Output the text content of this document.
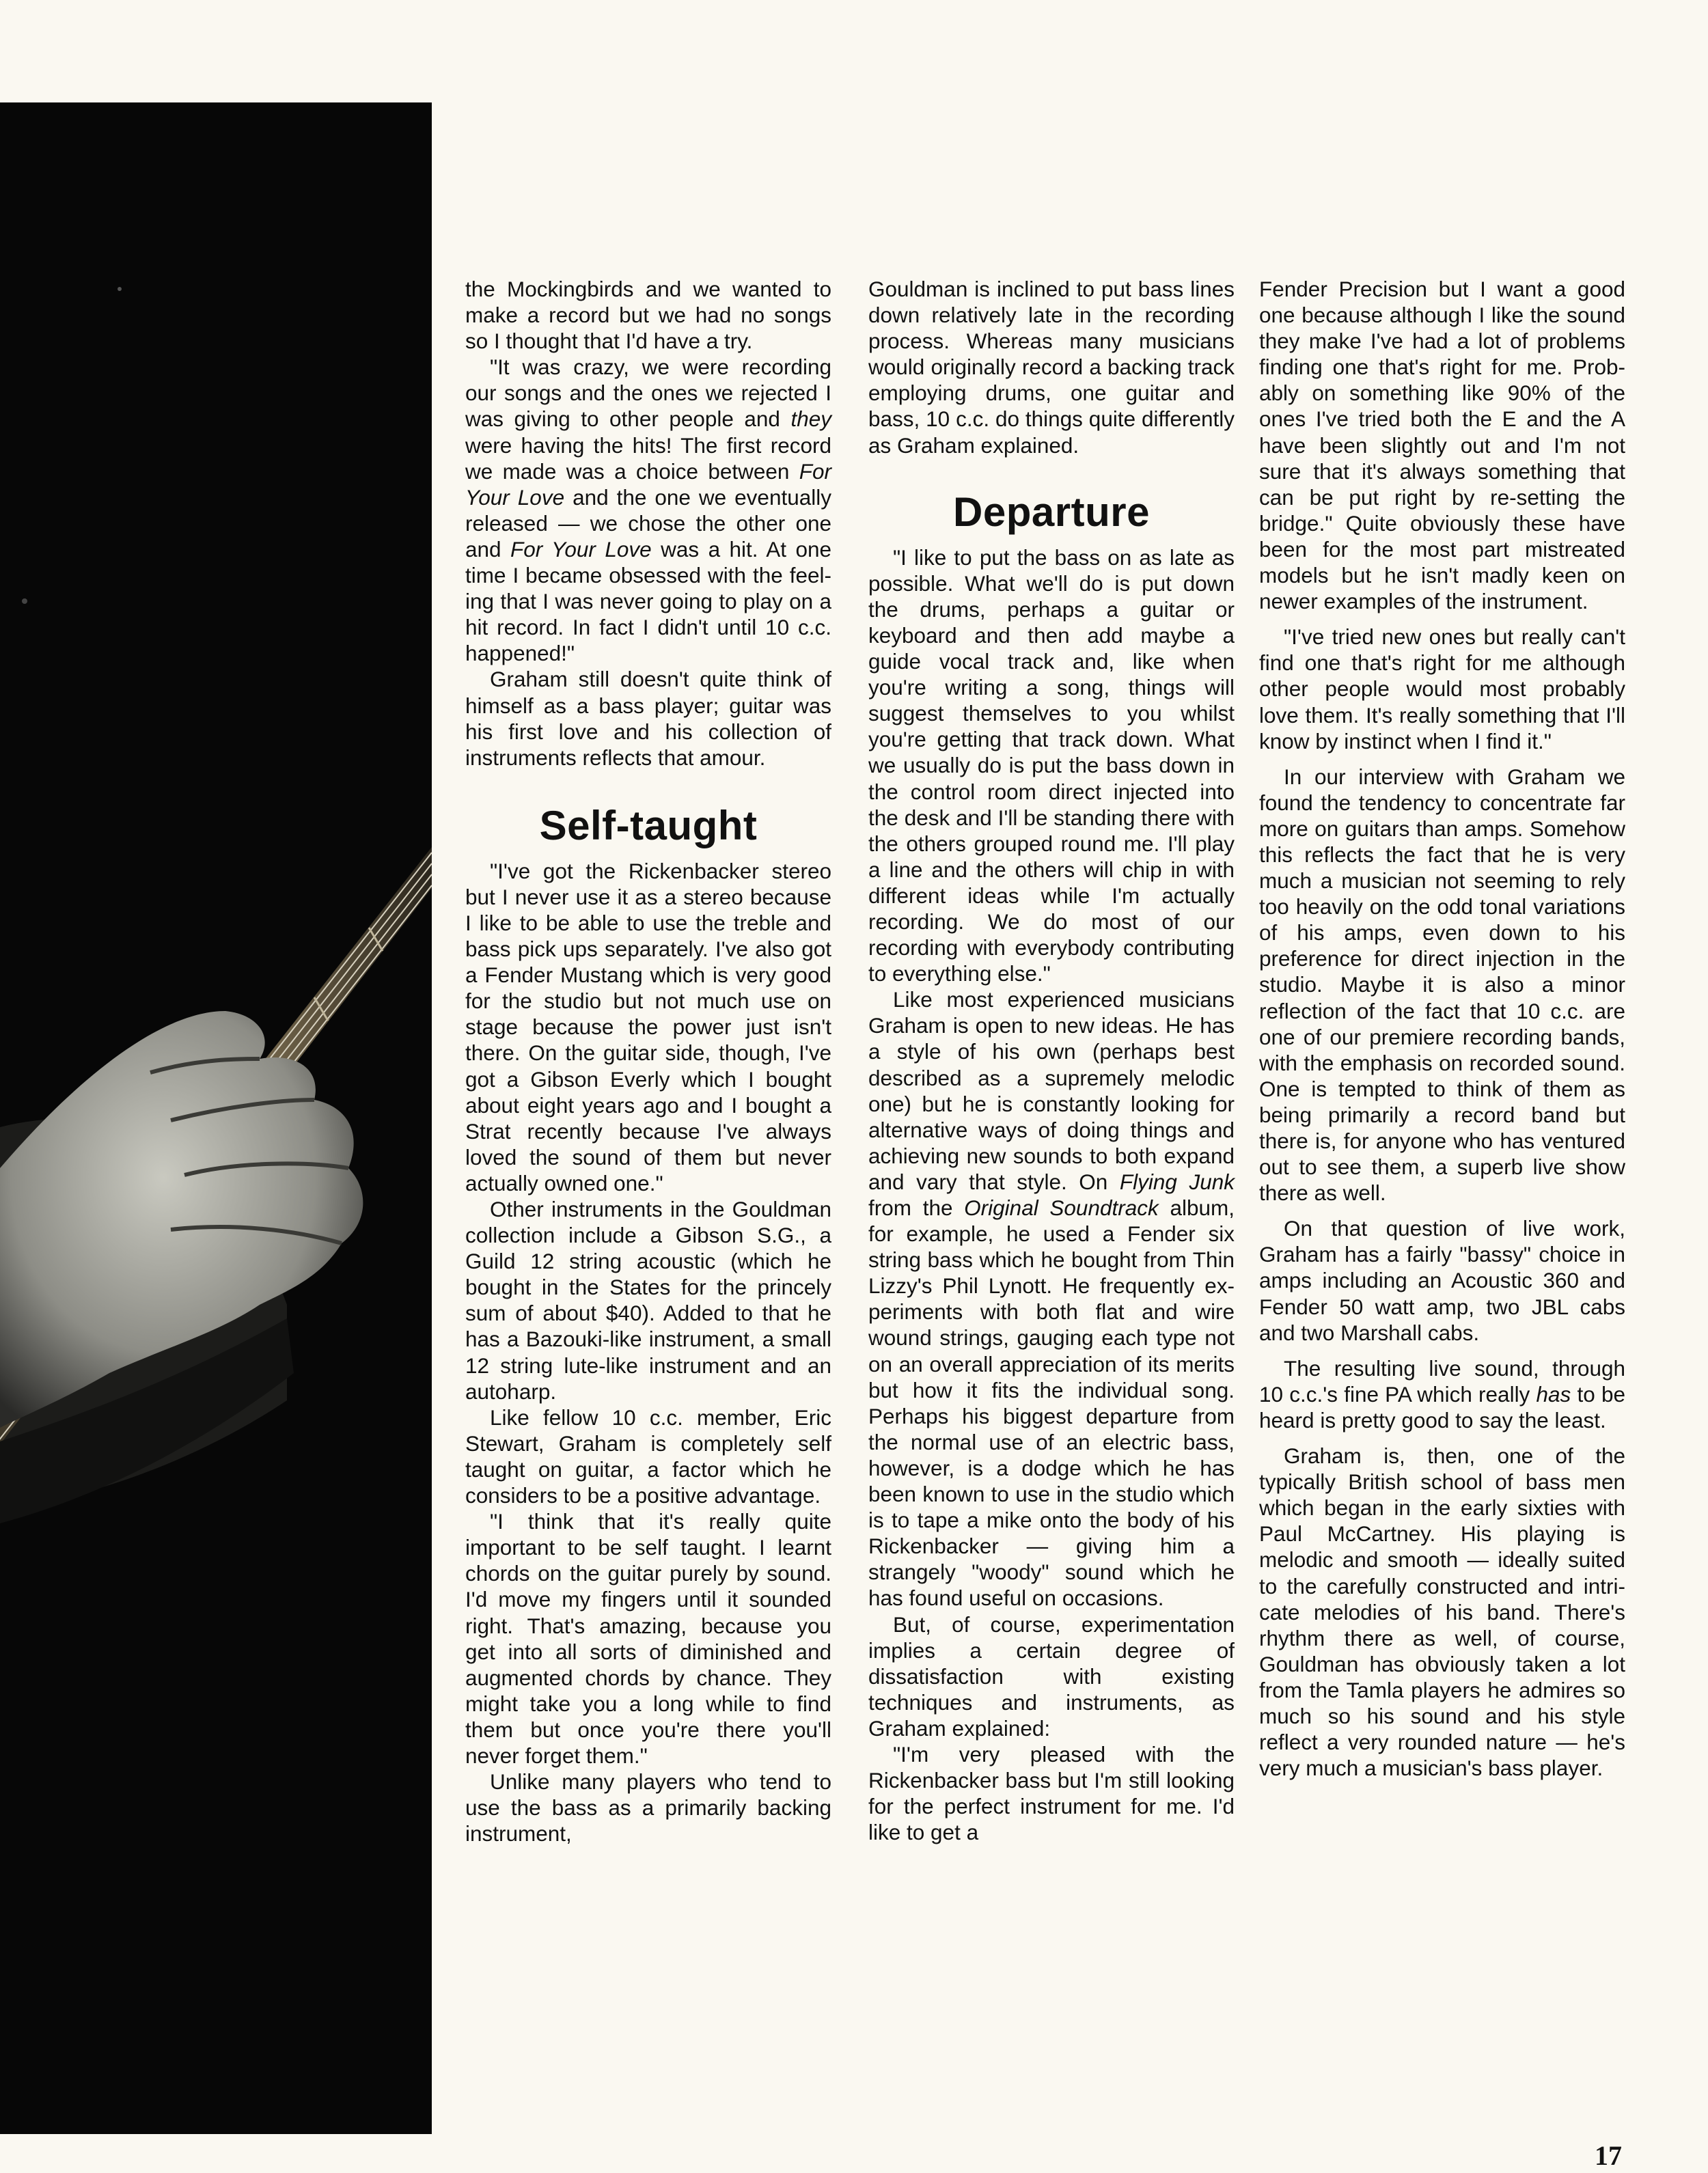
the Mockingbirds and we wanted to make a record but we had no songs so I thought that I'd have a try.

"It was crazy, we were recording our songs and the ones we rejected I was giving to other people and they were having the hits! The first record we made was a choice between For Your Love and the one we eventually released — we chose the other one and For Your Love was a hit. At one time I became obsessed with the feeling that I was never going to play on a hit record. In fact I didn't until 10 c.c. happened!"

Graham still doesn't quite think of himself as a bass player; guitar was his first love and his collection of instruments reflects that amour.

Self-taught

"I've got the Rickenbacker stereo but I never use it as a stereo because I like to be able to use the treble and bass pick ups separately. I've also got a Fender Mustang which is very good for the studio but not much use on stage because the power just isn't there. On the guitar side, though, I've got a Gibson Everly which I bought about eight years ago and I bought a Strat recently because I've always loved the sound of them but never actually owned one."

Other instruments in the Gouldman collection include a Gibson S.G., a Guild 12 string acoustic (which he bought in the States for the princely sum of about $40). Added to that he has a Bazouki-like instrument, a small 12 string lute-like instrument and an autoharp.

Like fellow 10 c.c. member, Eric Stewart, Graham is completely self taught on guitar, a factor which he considers to be a positive advantage.

"I think that it's really quite important to be self taught. I learnt chords on the guitar purely by sound. I'd move my fingers until it sounded right. That's amazing, because you get into all sorts of diminished and augmented chords by chance. They might take you a long while to find them but once you're there you'll never forget them."

Unlike many players who tend to use the bass as a primarily backing instrument,

Gouldman is inclined to put bass lines down relatively late in the recording process. Whereas many musicians would originally record a backing track employing drums, one guitar and bass, 10 c.c. do things quite differently as Graham explained.

Departure

"I like to put the bass on as late as possible. What we'll do is put down the drums, perhaps a guitar or keyboard and then add maybe a guide vocal track and, like when you're writing a song, things will suggest themselves to you whilst you're getting that track down. What we usually do is put the bass down in the control room direct injected into the desk and I'll be standing there with the others grouped round me. I'll play a line and the others will chip in with different ideas while I'm actually recording. We do most of our recording with everybody contributing to everything else."

Like most experienced musicians Graham is open to new ideas. He has a style of his own (perhaps best described as a supremely melodic one) but he is constantly looking for alternative ways of doing things and achieving new sounds to both expand and vary that style. On Flying Junk from the Original Soundtrack album, for example, he used a Fender six string bass which he bought from Thin Lizzy's Phil Lynott. He frequently experiments with both flat and wire wound strings, gauging each type not on an overall appreciation of its merits but how it fits the individual song. Perhaps his biggest departure from the normal use of an electric bass, however, is a dodge which he has been known to use in the studio which is to tape a mike onto the body of his Rickenbacker — giving him a strangely "woody" sound which he has found useful on occasions.

But, of course, experimentation implies a certain degree of dissatisfaction with existing techniques and instruments, as Graham explained:

"I'm very pleased with the Rickenbacker bass but I'm still looking for the perfect instrument for me. I'd like to get a

Fender Precision but I want a good one because although I like the sound they make I've had a lot of problems finding one that's right for me. Probably on something like 90% of the ones I've tried both the E and the A have been slightly out and I'm not sure that it's always something that can be put right by re-setting the bridge." Quite obviously these have been for the most part mistreated models but he isn't madly keen on newer examples of the instrument.

"I've tried new ones but really can't find one that's right for me although other people would most probably love them. It's really something that I'll know by instinct when I find it."

In our interview with Graham we found the tendency to concentrate far more on guitars than amps. Somehow this reflects the fact that he is very much a musician not seeming to rely too heavily on the odd tonal variations of his amps, even down to his preference for direct injection in the studio. Maybe it is also a minor reflection of the fact that 10 c.c. are one of our premiere recording bands, with the emphasis on recorded sound. One is tempted to think of them as being primarily a record band but there is, for anyone who has ventured out to see them, a superb live show there as well.

On that question of live work, Graham has a fairly "bassy" choice in amps including an Acoustic 360 and Fender 50 watt amp, two JBL cabs and two Marshall cabs.

The resulting live sound, through 10 c.c.'s fine PA which really has to be heard is pretty good to say the least.

Graham is, then, one of the typically British school of bass men which began in the early sixties with Paul McCartney. His playing is melodic and smooth — ideally suited to the carefully constructed and intricate melodies of his band. There's rhythm there as well, of course, Gouldman has obviously taken a lot from the Tamla players he admires so much so his sound and his style reflect a very rounded nature — he's very much a musician's bass player.

17
